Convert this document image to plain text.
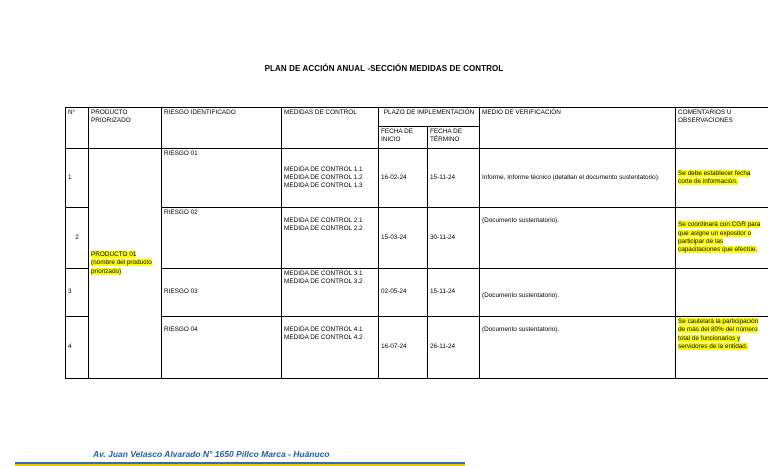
PLAN DE ACCIÓN ANUAL -SECCIÓN MEDIDAS DE CONTROL
N°	PRODUCTO PRIORIZADO	RIESGO IDENTIFICADO	MEDIDAS DE CONTROL	PLAZO DE IMPLEMENTACIÓN		MEDIO DE VERIFICACIÓN	COMENTARIOS U OBSERVACIONES
				FECHA DE INICIO	FECHA DE TÉRMINO		
1	PRODUCTO 01 (nombre del producto priorizado)	RIESGO 01	MEDIDA DE CONTROL 1.1
MEDIDA DE CONTROL 1.2
MEDIDA DE CONTROL 1.3	16-02-24	15-11-24	Informe, Informe técnico (detallan el documento sustentatorio).	Se debe establecer fecha corte de información.
2		RIESGO 02	MEDIDA DE CONTROL 2.1
MEDIDA DE CONTROL 2.2	15-03-24	30-11-24	(Documento sustentatorio).	Se coordinará con CGR para que asigne un expositor o participar de las capacitaciones que efectúe.
3		RIESGO 03	MEDIDA DE CONTROL 3.1
MEDIDA DE CONTROL 3.2	02-05-24	15-11-24	(Documento sustentatorio).	
4		RIESGO 04	MEDIDA DE CONTROL 4.1
MEDIDA DE CONTROL 4.2	16-07-24	26-11-24	(Documento sustentatorio).	Se cautelará la participación de más del 80% del número total de funcionarios y servidores de la entidad.
Av. Juan Velasco Alvarado N° 1650 Pillco Marca - Huánuco
